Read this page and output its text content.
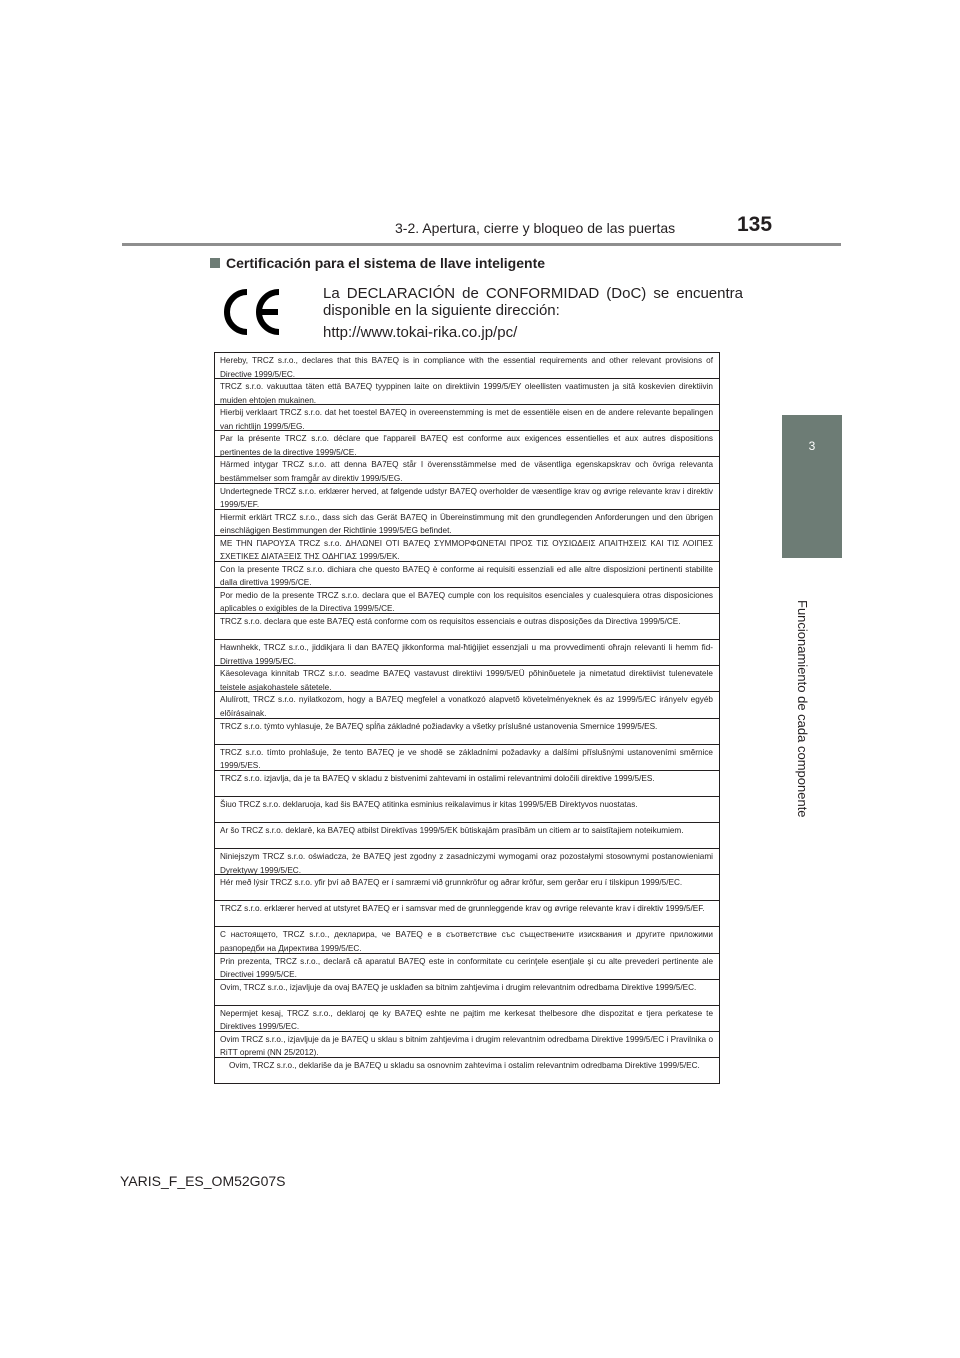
3-2. Apertura, cierre y bloqueo de las puertas	135
3
Funcionamiento de cada componente
Certificación para el sistema de llave inteligente
La DECLARACIÓN de CONFORMIDAD (DoC) se encuentra disponible en la siguiente dirección:
http://www.tokai-rika.co.jp/pc/
Hereby, TRCZ s.r.o., declares that this BA7EQ is in compliance with the essential requirements and other relevant provisions of Directive 1999/5/EC.
TRCZ s.r.o. vakuuttaa täten että BA7EQ tyyppinen laite on direktiivin 1999/5/EY oleellisten vaatimusten ja sitä koskevien direktiivin muiden ehtojen mukainen.
Hierbij verklaart TRCZ s.r.o. dat het toestel BA7EQ in overeenstemming is met de essentiële eisen en de andere relevante bepalingen van richtlijn 1999/5/EG.
Par la présente TRCZ s.r.o. déclare que l'appareil BA7EQ est conforme aux exigences essentielles et aux autres dispositions pertinentes de la directive 1999/5/CE.
Härmed intygar TRCZ s.r.o. att denna BA7EQ står I överensstämmelse med de väsentliga egenskapskrav och övriga relevanta bestämmelser som framgår av direktiv 1999/5/EG.
Undertegnede TRCZ s.r.o. erklærer herved, at følgende udstyr BA7EQ overholder de væsentlige krav og øvrige relevante krav i direktiv 1999/5/EF.
Hiermit erklärt TRCZ s.r.o., dass sich das Gerät BA7EQ in Übereinstimmung mit den grundlegenden Anforderungen und den übrigen einschlägigen Bestimmungen der Richtlinie 1999/5/EG befindet.
ΜΕ ΤΗΝ ΠΑΡΟΥΣΑ TRCZ s.r.o. ΔΗΛΩΝΕΙ ΟΤΙ BA7EQ ΣΥΜΜΟΡΦΩΝΕΤΑΙ ΠΡΟΣ ΤΙΣ ΟΥΣΙΩΔΕΙΣ ΑΠΑΙΤΗΣΕΙΣ ΚΑΙ ΤΙΣ ΛΟΙΠΕΣ ΣΧΕΤΙΚΕΣ ΔΙΑΤΑΞΕΙΣ ΤΗΣ ΟΔΗΓΙΑΣ 1999/5/ΕΚ.
Con la presente TRCZ s.r.o. dichiara che questo BA7EQ è conforme ai requisiti essenziali ed alle altre disposizioni pertinenti stabilite dalla direttiva 1999/5/CE.
Por medio de la presente TRCZ s.r.o. declara que el BA7EQ cumple con los requisitos esenciales y cualesquiera otras disposiciones aplicables o exigibles de la Directiva 1999/5/CE.
TRCZ s.r.o. declara que este BA7EQ está conforme com os requisitos essenciais e outras disposições da Directiva 1999/5/CE.
Hawnhekk, TRCZ s.r.o., jiddikjara li dan BA7EQ jikkonforma mal-ħtiġijiet essenzjali u ma provvedimenti oħrajn relevanti li hemm fid-Dirrettiva 1999/5/EC.
Käesolevaga kinnitab TRCZ s.r.o. seadme BA7EQ vastavust direktiivi 1999/5/EÜ põhinõuetele ja nimetatud direktiivist tulenevatele teistele asjakohastele sätetele.
Alulírott, TRCZ s.r.o. nyilatkozom, hogy a BA7EQ megfelel a vonatkozó alapvetõ követelményeknek és az 1999/5/EC irányelv egyéb elõírásainak.
TRCZ s.r.o. týmto vyhlasuje, že BA7EQ spĺňa základné požiadavky a všetky príslušné ustanovenia Smernice 1999/5/ES.
TRCZ s.r.o. tímto prohlašuje, že tento BA7EQ je ve shodě se základními požadavky a dalšími příslušnými ustanoveními směrnice 1999/5/ES.
TRCZ s.r.o. izjavlja, da je ta BA7EQ v skladu z bistvenimi zahtevami in ostalimi relevantnimi določili direktive 1999/5/ES.
Šiuo TRCZ s.r.o. deklaruoja, kad šis BA7EQ atitinka esminius reikalavimus ir kitas 1999/5/EB Direktyvos nuostatas.
Ar šo TRCZ s.r.o. deklarē, ka BA7EQ atbilst Direktīvas 1999/5/EK būtiskajām prasībām un citiem ar to saistītajiem noteikumiem.
Niniejszym TRCZ s.r.o. oświadcza, że BA7EQ jest zgodny z zasadniczymi wymogami oraz pozostałymi stosownymi postanowieniami Dyrektywy 1999/5/EC.
Hér með lýsir TRCZ s.r.o. yfir því að BA7EQ er í samræmi við grunnkröfur og aðrar kröfur, sem gerðar eru í tilskipun 1999/5/EC.
TRCZ s.r.o. erklærer herved at utstyret BA7EQ er i samsvar med de grunnleggende krav og øvrige relevante krav i direktiv 1999/5/EF.
С настоящето, TRCZ s.r.o., декларира, че BA7EQ е в съответствие със съществените изисквания и другите приложими разпоредби на Директива 1999/5/ЕС.
Prin prezenta, TRCZ s.r.o., declară că aparatul BA7EQ este in conformitate cu cerinţele esenţiale şi cu alte prevederi pertinente ale Directivei 1999/5/CE.
Ovim, TRCZ s.r.o., izjavljuje da ovaj BA7EQ je usklađen sa bitnim zahtjevima i drugim relevantnim odredbama Direktive 1999/5/EC.
Nepermjet kesaj, TRCZ s.r.o., deklaroj qe ky BA7EQ eshte ne pajtim me kerkesat thelbesore dhe dispozitat e tjera perkatese te Direktives 1999/5/EC.
Ovim TRCZ s.r.o., izjavljuje da je BA7EQ u sklau s bitnim zahtjevima i drugim relevantnim odredbama Direktive 1999/5/EC i Pravilnika o RiTT opremi (NN 25/2012).
Ovim, TRCZ s.r.o., deklariše da je BA7EQ u skladu sa osnovnim zahtevima i ostalim relevantnim odredbama Direktive 1999/5/EC.
YARIS_F_ES_OM52G07S
